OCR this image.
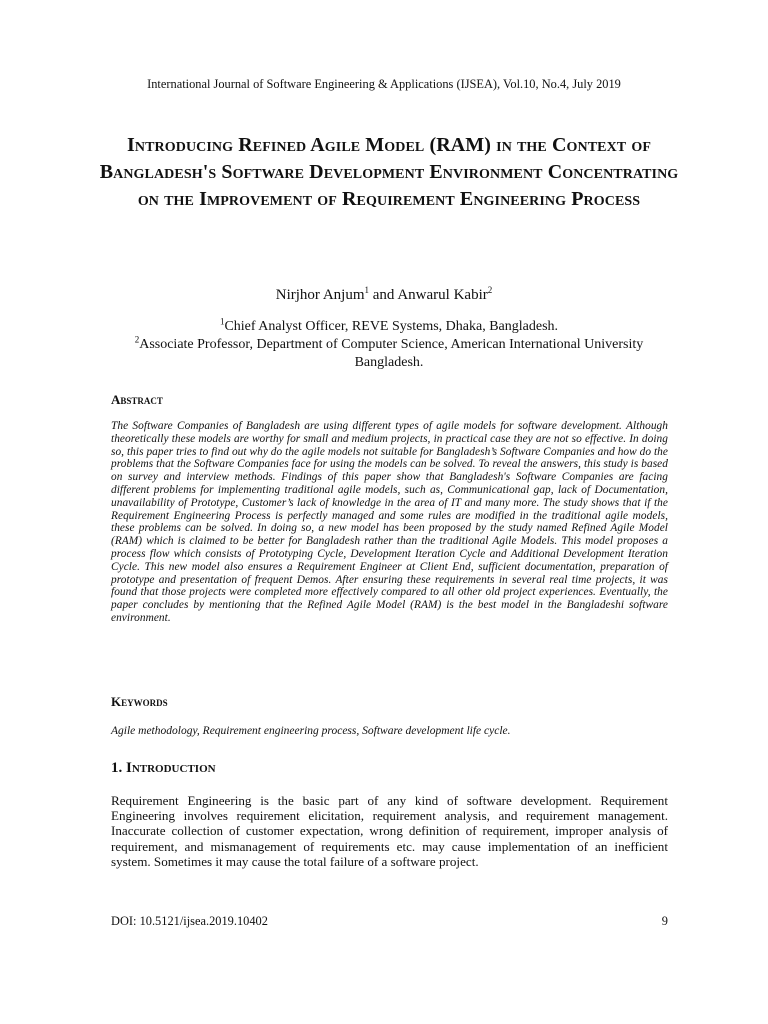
International Journal of Software Engineering & Applications (IJSEA), Vol.10, No.4, July 2019
Introducing Refined Agile Model (RAM) in the Context of Bangladesh's Software Development Environment Concentrating on the Improvement of Requirement Engineering Process
Nirjhor Anjum$^1$ and Anwarul Kabir$^2$
$^1$Chief Analyst Officer, REVE Systems, Dhaka, Bangladesh.
$^2$Associate Professor, Department of Computer Science, American International University Bangladesh.
Abstract
The Software Companies of Bangladesh are using different types of agile models for software development. Although theoretically these models are worthy for small and medium projects, in practical case they are not so effective. In doing so, this paper tries to find out why do the agile models not suitable for Bangladesh’s Software Companies and how do the problems that the Software Companies face for using the models can be solved. To reveal the answers, this study is based on survey and interview methods. Findings of this paper show that Bangladesh's Software Companies are facing different problems for implementing traditional agile models, such as, Communicational gap, lack of Documentation, unavailability of Prototype, Customer’s lack of knowledge in the area of IT and many more. The study shows that if the Requirement Engineering Process is perfectly managed and some rules are modified in the traditional agile models, these problems can be solved. In doing so, a new model has been proposed by the study named Refined Agile Model (RAM) which is claimed to be better for Bangladesh rather than the traditional Agile Models. This model proposes a process flow which consists of Prototyping Cycle, Development Iteration Cycle and Additional Development Iteration Cycle. This new model also ensures a Requirement Engineer at Client End, sufficient documentation, preparation of prototype and presentation of frequent Demos. After ensuring these requirements in several real time projects, it was found that those projects were completed more effectively compared to all other old project experiences. Eventually, the paper concludes by mentioning that the Refined Agile Model (RAM) is the best model in the Bangladeshi software environment.
Keywords
Agile methodology, Requirement engineering process, Software development life cycle.
1. Introduction
Requirement Engineering is the basic part of any kind of software development. Requirement Engineering involves requirement elicitation, requirement analysis, and requirement management. Inaccurate collection of customer expectation, wrong definition of requirement, improper analysis of requirement, and mismanagement of requirements etc. may cause implementation of an inefficient system. Sometimes it may cause the total failure of a software project.
DOI: 10.5121/ijsea.2019.10402	9
